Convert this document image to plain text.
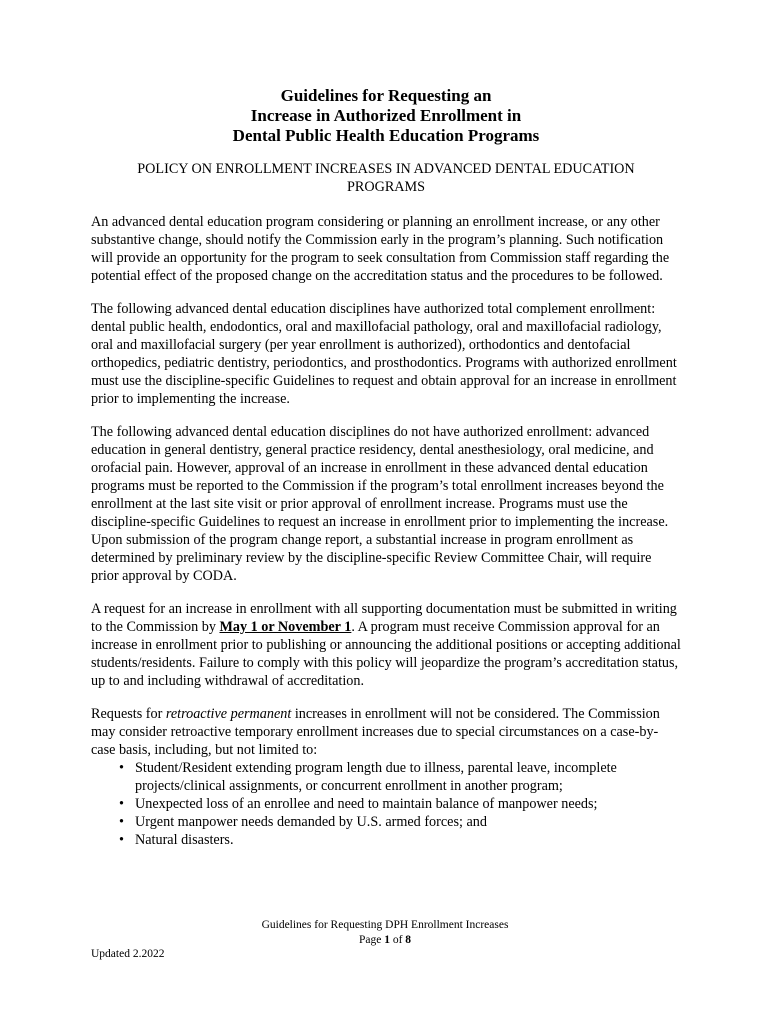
Guidelines for Requesting an
Increase in Authorized Enrollment in
Dental Public Health Education Programs
POLICY ON ENROLLMENT INCREASES IN ADVANCED DENTAL EDUCATION
PROGRAMS

An advanced dental education program considering or planning an enrollment increase, or any other substantive change, should notify the Commission early in the program’s planning. Such notification will provide an opportunity for the program to seek consultation from Commission staff regarding the potential effect of the proposed change on the accreditation status and the procedures to be followed.

The following advanced dental education disciplines have authorized total complement enrollment: dental public health, endodontics, oral and maxillofacial pathology, oral and maxillofacial radiology, oral and maxillofacial surgery (per year enrollment is authorized), orthodontics and dentofacial orthopedics, pediatric dentistry, periodontics, and prosthodontics. Programs with authorized enrollment must use the discipline-specific Guidelines to request and obtain approval for an increase in enrollment prior to implementing the increase.

The following advanced dental education disciplines do not have authorized enrollment: advanced education in general dentistry, general practice residency, dental anesthesiology, oral medicine, and orofacial pain. However, approval of an increase in enrollment in these advanced dental education programs must be reported to the Commission if the program’s total enrollment increases beyond the enrollment at the last site visit or prior approval of enrollment increase. Programs must use the discipline-specific Guidelines to request an increase in enrollment prior to implementing the increase. Upon submission of the program change report, a substantial increase in program enrollment as determined by preliminary review by the discipline-specific Review Committee Chair, will require prior approval by CODA.

A request for an increase in enrollment with all supporting documentation must be submitted in writing to the Commission by May 1 or November 1. A program must receive Commission approval for an increase in enrollment prior to publishing or announcing the additional positions or accepting additional students/residents. Failure to comply with this policy will jeopardize the program’s accreditation status, up to and including withdrawal of accreditation.

Requests for retroactive permanent increases in enrollment will not be considered. The Commission may consider retroactive temporary enrollment increases due to special circumstances on a case-by-case basis, including, but not limited to:

• Student/Resident extending program length due to illness, parental leave, incomplete projects/clinical assignments, or concurrent enrollment in another program;
• Unexpected loss of an enrollee and need to maintain balance of manpower needs;
• Urgent manpower needs demanded by U.S. armed forces; and
• Natural disasters.
Guidelines for Requesting DPH Enrollment Increases
Page 1 of 8
Updated 2.2022
